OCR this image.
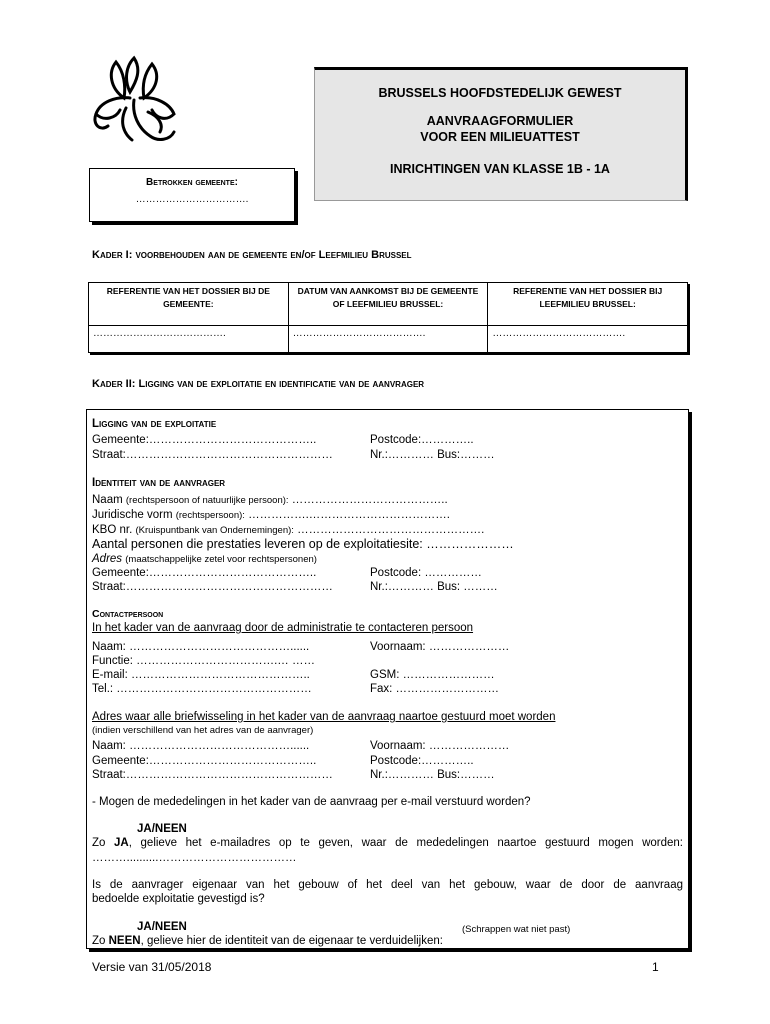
BRUSSELS HOOFDSTEDELIJK GEWEST
AANVRAAGFORMULIER
VOOR EEN MILIEUATTEST
INRICHTINGEN VAN KLASSE 1B - 1A
Betrokken gemeente:
…………………………….
Kader I: voorbehouden aan de gemeente en/of Leefmilieu Brussel
REFERENTIE VAN HET DOSSIER BIJ DE GEMEENTE:	DATUM VAN AANKOMST BIJ DE GEMEENTE OF LEEFMILIEU BRUSSEL:	REFERENTIE VAN HET DOSSIER BIJ LEEFMILIEU BRUSSEL:
………………………………….	………………………………….	………………………………….
Kader II: Ligging van de exploitatie en identificatie van de aanvrager
Ligging van de exploitatie
Gemeente:……………………………………..	Postcode:…………..
Straat:………………………………………………	Nr.:………… Bus:………
Identiteit van de aanvrager
Naam (rechtspersoon of natuurlijke persoon): …………………………………..
Juridische vorm (rechtspersoon): …………….……………………………….
KBO nr. (Kruispuntbank van Ondernemingen): ………………………………………….
Aantal personen die prestaties leveren op de exploitatiesite: …………………
Adres (maatschappelijke zetel voor rechtspersonen)
Gemeente:……………………………………..	Postcode: ……………
Straat:………………………………………………	Nr.:………… Bus: ………
Contactpersoon
In het kader van de aanvraag door de administratie te contacteren persoon
Naam: ……………………………………......	Voornaam: …………………
Functie: ……………………………….… ……
E-mail: ………………………………………..	GSM: ……………………
Tel.: ……………………………………………	Fax: ………………………
Adres waar alle briefwisseling in het kader van de aanvraag naartoe gestuurd moet worden
(indien verschillend van het adres van de aanvrager)
Naam: ……………………………………......	Voornaam: …………………
Gemeente:……………………………………..	Postcode:…………..
Straat:………………………………………………	Nr.:………… Bus:………
- Mogen de mededelingen in het kader van de aanvraag per e-mail verstuurd worden?
JA/NEEN
Zo JA, gelieve het e-mailadres op te geven, waar de mededelingen naartoe gestuurd mogen worden:
………..........………………………………
Is de aanvrager eigenaar van het gebouw of het deel van het gebouw, waar de door de aanvraag
bedoelde exploitatie gevestigd is?
JA/NEEN	(Schrappen wat niet past)
Zo NEEN, gelieve hier de identiteit van de eigenaar te verduidelijken:
Versie van 31/05/2018	1
